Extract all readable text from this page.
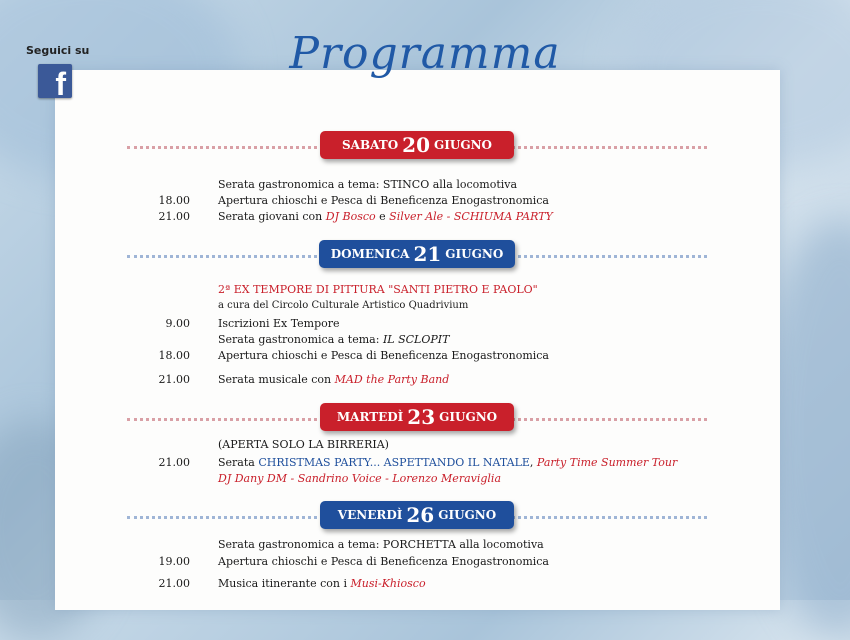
Seguici su
f
Programma
SABATO 20 GIUGNO
Serata gastronomica a tema: STINCO alla locomotiva
18.00	Apertura chioschi e Pesca di Beneficenza Enogastronomica
21.00	Serata giovani con DJ Bosco e Silver Ale - SCHIUMA PARTY
DOMENICA 21 GIUGNO
2ª EX TEMPORE DI PITTURA "SANTI PIETRO E PAOLO"
a cura del Circolo Culturale Artistico Quadrivium
9.00	Iscrizioni Ex Tempore
Serata gastronomica a tema: IL SCLOPIT
18.00	Apertura chioschi e Pesca di Beneficenza Enogastronomica
21.00	Serata musicale con MAD the Party Band
MARTEDÌ 23 GIUGNO
(APERTA SOLO LA BIRRERIA)
21.00	Serata CHRISTMAS PARTY... ASPETTANDO IL NATALE, Party Time Summer Tour
DJ Dany DM - Sandrino Voice - Lorenzo Meraviglia
VENERDÌ 26 GIUGNO
Serata gastronomica a tema: PORCHETTA alla locomotiva
19.00	Apertura chioschi e Pesca di Beneficenza Enogastronomica
21.00	Musica itinerante con i Musi-Khiosco
